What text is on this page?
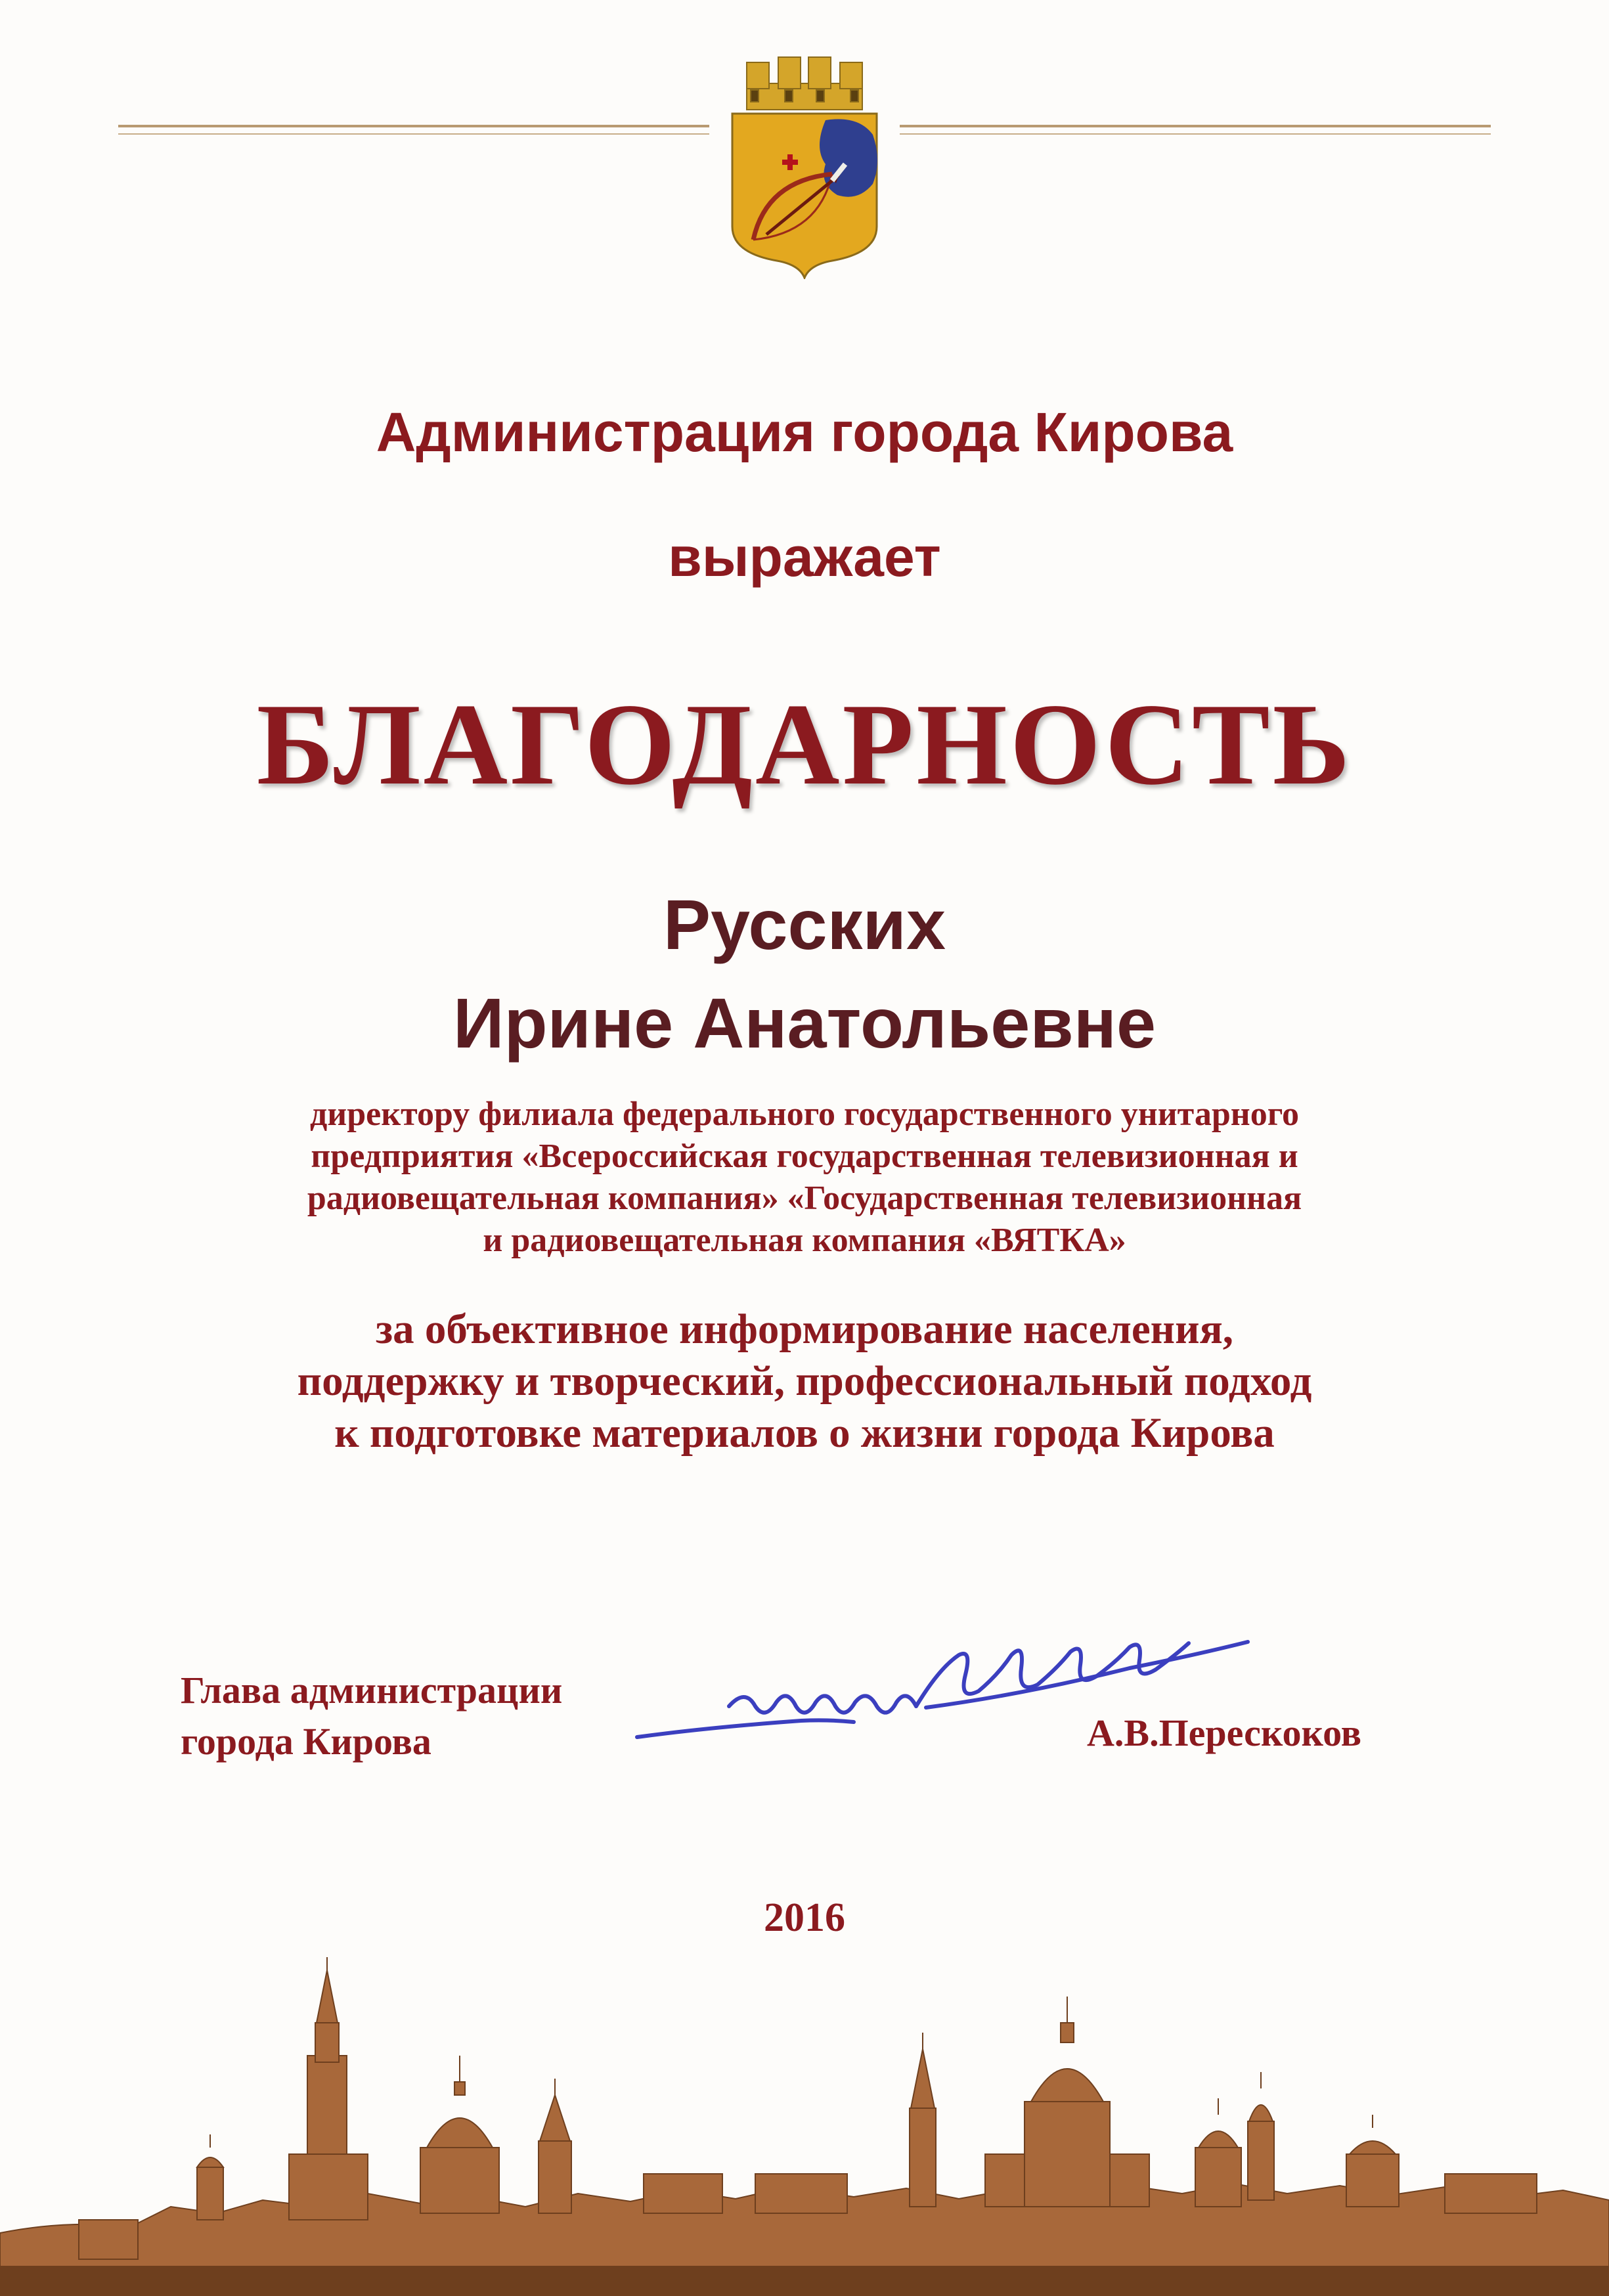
Администрация города Кирова
выражает
БЛАГОДАРНОСТЬ
Русских
Ирине Анатольевне
директору филиала федерального государственного унитарного
предприятия «Всероссийская государственная телевизионная и
радиовещательная компания» «Государственная телевизионная
и радиовещательная компания «ВЯТКА»
за объективное информирование населения,
поддержку и творческий, профессиональный подход
к подготовке материалов о жизни города Кирова
Глава администрации
города Кирова	А.В.Перескоков
2016
